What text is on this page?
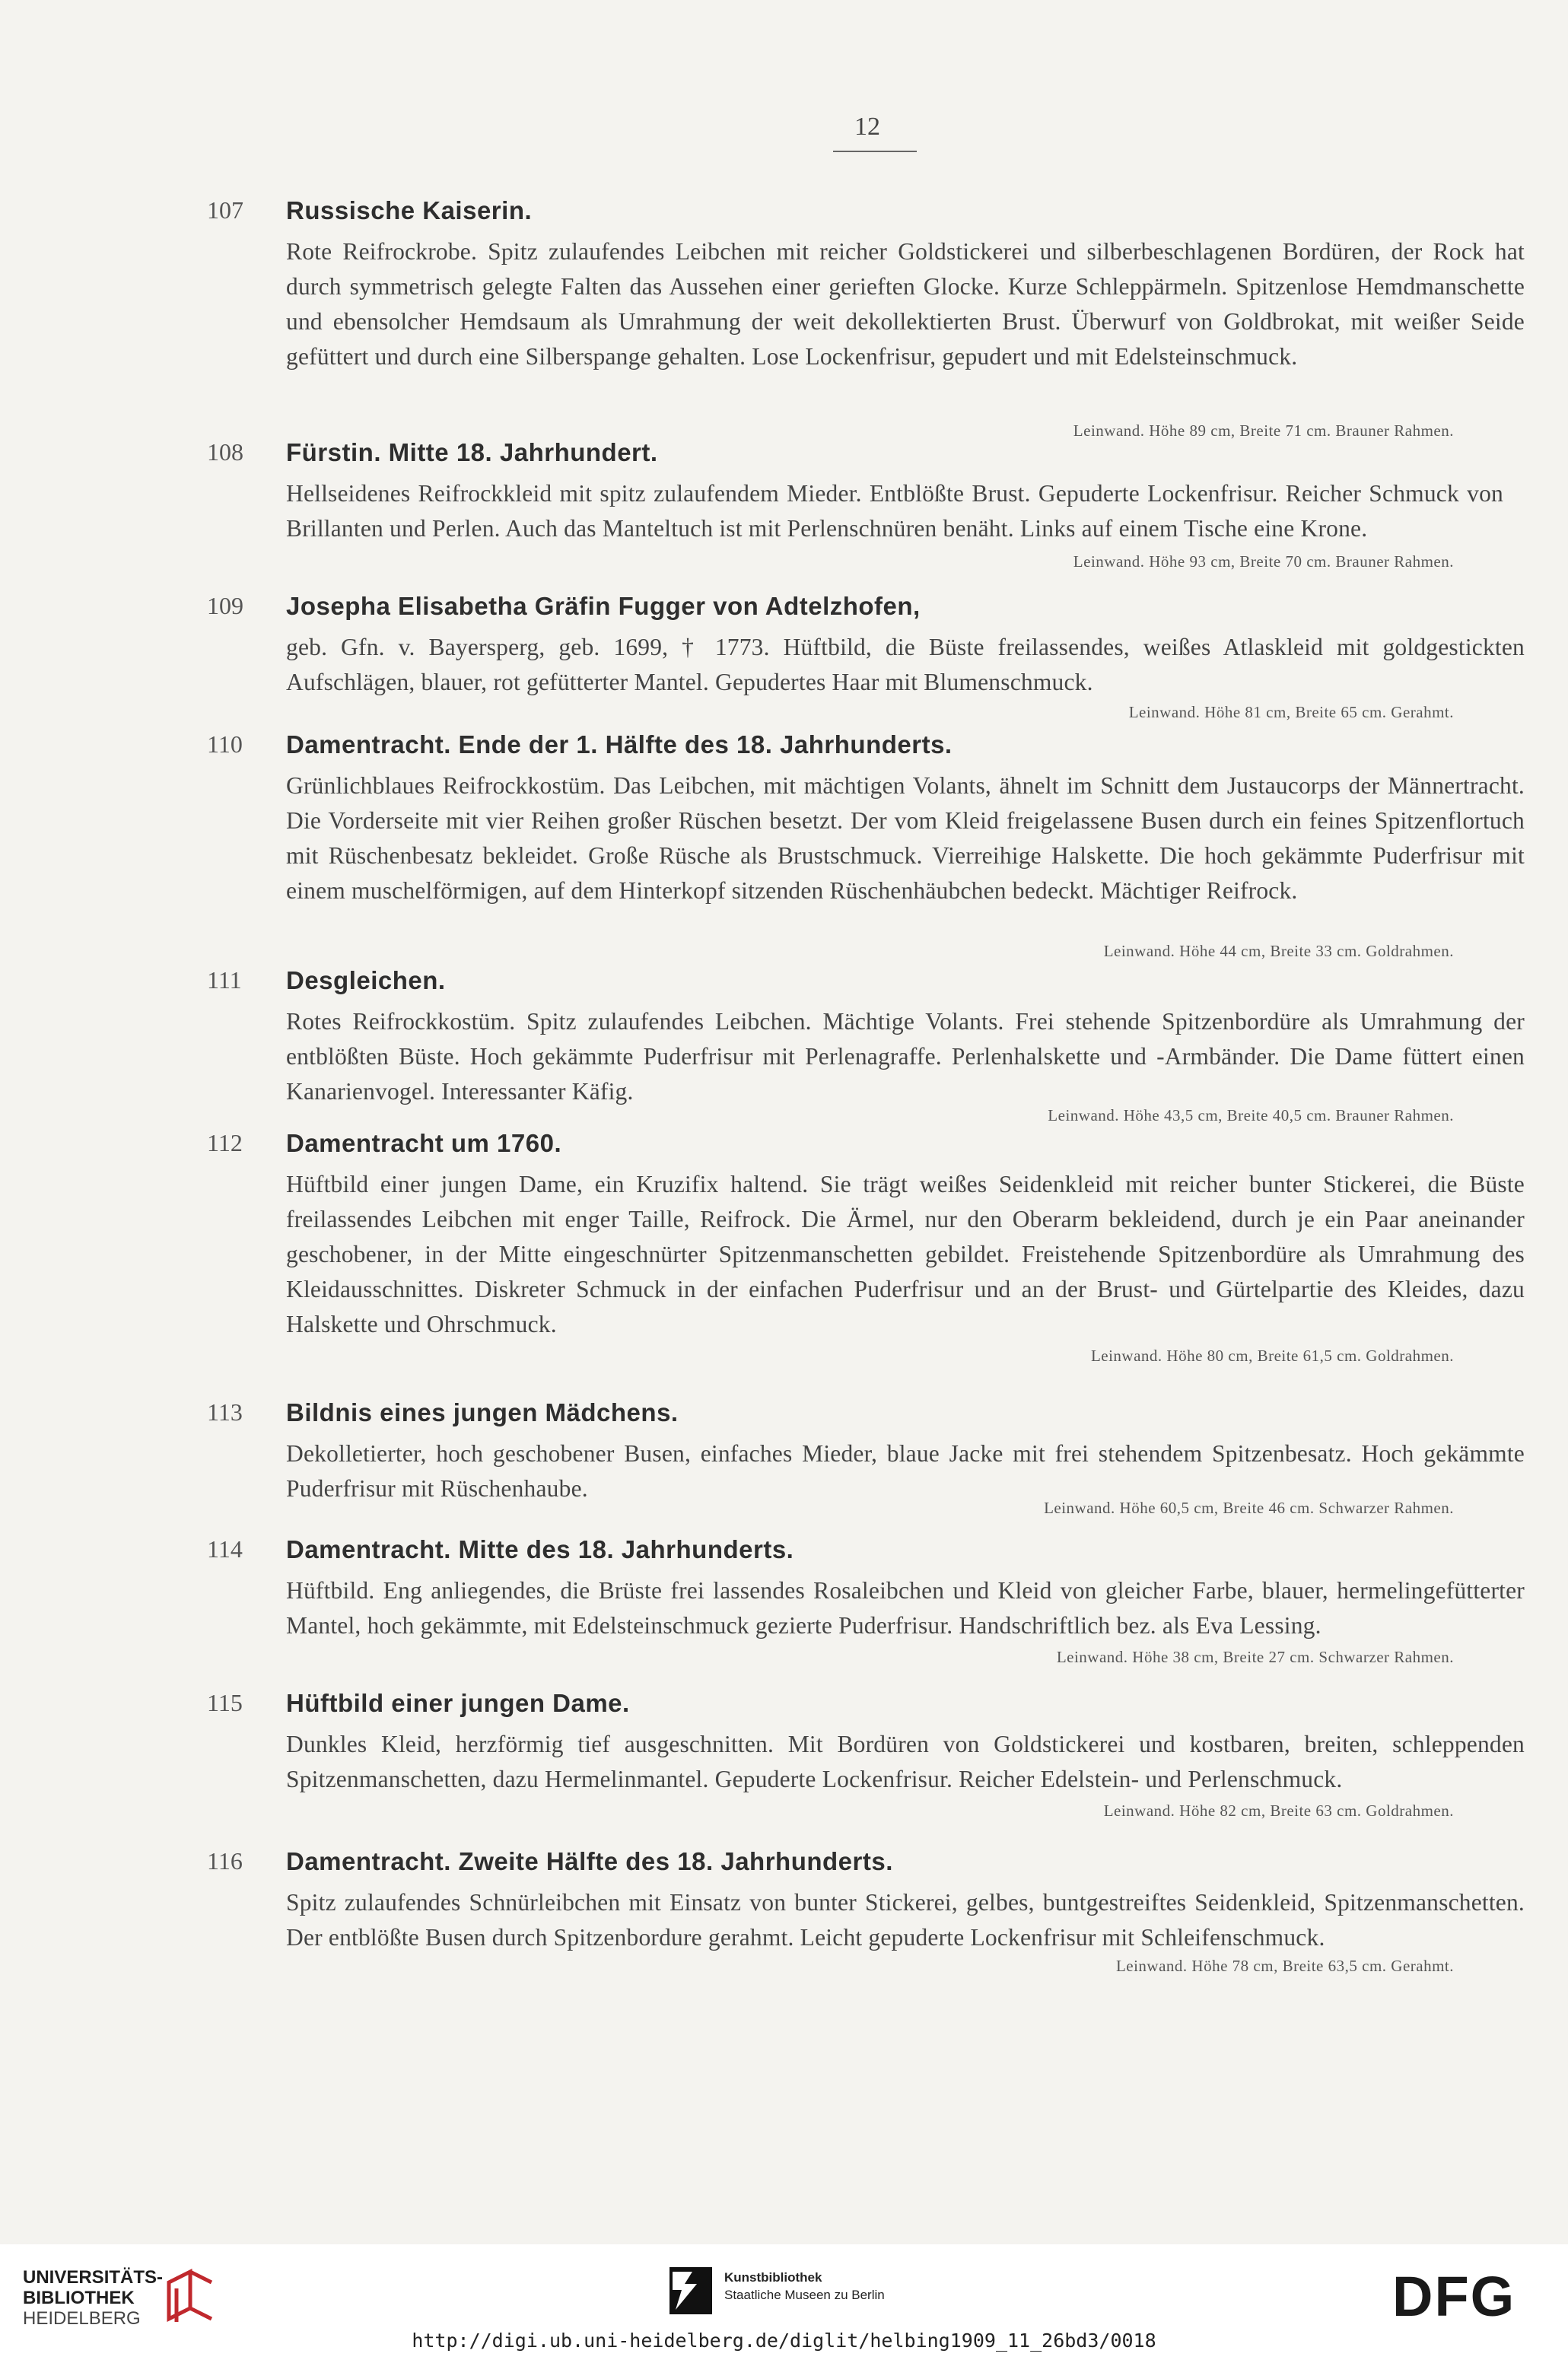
12
107 Russische Kaiserin.
Rote Reifrockrobe. Spitz zulaufendes Leibchen mit reicher Goldstickerei und silberbeschlagenen Bordüren, der Rock hat durch symmetrisch gelegte Falten das Aussehen einer gerieften Glocke. Kurze Schleppärmeln. Spitzenlose Hemdmanschette und ebensolcher Hemdsaum als Umrahmung der weit dekollektierten Brust. Überwurf von Goldbrokat, mit weißer Seide gefüttert und durch eine Silberspange gehalten. Lose Lockenfrisur, gepudert und mit Edelsteinschmuck.
Leinwand. Höhe 89 cm, Breite 71 cm. Brauner Rahmen.
108 Fürstin. Mitte 18. Jahrhundert.
Hellseidenes Reifrockkleid mit spitz zulaufendem Mieder. Entblößte Brust. Gepuderte Lockenfrisur. Reicher Schmuck von Brillanten und Perlen. Auch das Manteltuch ist mit Perlenschnüren benäht. Links auf einem Tische eine Krone.
Leinwand. Höhe 93 cm, Breite 70 cm. Brauner Rahmen.
109 Josepha Elisabetha Gräfin Fugger von Adtelzhofen,
geb. Gfn. v. Bayersperg, geb. 1699, † 1773. Hüftbild, die Büste freilassendes, weißes Atlaskleid mit goldgestickten Aufschlägen, blauer, rot gefütterter Mantel. Gepudertes Haar mit Blumenschmuck.
Leinwand. Höhe 81 cm, Breite 65 cm. Gerahmt.
110 Damentracht. Ende der 1. Hälfte des 18. Jahrhunderts.
Grünlichblaues Reifrockkostüm. Das Leibchen, mit mächtigen Volants, ähnelt im Schnitt dem Justaucorps der Männertracht. Die Vorderseite mit vier Reihen großer Rüschen besetzt. Der vom Kleid freigelassene Busen durch ein feines Spitzenflortuch mit Rüschenbesatz bekleidet. Große Rüsche als Brustschmuck. Vierreihige Halskette. Die hoch gekämmte Puderfrisur mit einem muschelförmigen, auf dem Hinterkopf sitzenden Rüschenhäubchen bedeckt. Mächtiger Reifrock.
Leinwand. Höhe 44 cm, Breite 33 cm. Goldrahmen.
111 Desgleichen.
Rotes Reifrockkostüm. Spitz zulaufendes Leibchen. Mächtige Volants. Frei stehende Spitzenbordüre als Umrahmung der entblößten Büste. Hoch gekämmte Puderfrisur mit Perlenagraffe. Perlenhalskette und -Armbänder. Die Dame füttert einen Kanarienvogel. Interessanter Käfig.
Leinwand. Höhe 43,5 cm, Breite 40,5 cm. Brauner Rahmen.
112 Damentracht um 1760.
Hüftbild einer jungen Dame, ein Kruzifix haltend. Sie trägt weißes Seidenkleid mit reicher bunter Stickerei, die Büste freilassendes Leibchen mit enger Taille, Reifrock. Die Ärmel, nur den Oberarm bekleidend, durch je ein Paar aneinander geschobener, in der Mitte eingeschnürter Spitzenmanschetten gebildet. Freistehende Spitzenbordüre als Umrahmung des Kleidausschnittes. Diskreter Schmuck in der einfachen Puderfrisur und an der Brust- und Gürtelpartie des Kleides, dazu Halskette und Ohrschmuck.
Leinwand. Höhe 80 cm, Breite 61,5 cm. Goldrahmen.
113 Bildnis eines jungen Mädchens.
Dekolletierter, hoch geschobener Busen, einfaches Mieder, blaue Jacke mit frei stehendem Spitzenbesatz. Hoch gekämmte Puderfrisur mit Rüschenhaube.
Leinwand. Höhe 60,5 cm, Breite 46 cm. Schwarzer Rahmen.
114 Damentracht. Mitte des 18. Jahrhunderts.
Hüftbild. Eng anliegendes, die Brüste frei lassendes Rosaleibchen und Kleid von gleicher Farbe, blauer, hermelingefütterter Mantel, hoch gekämmte, mit Edelsteinschmuck gezierte Puderfrisur. Handschriftlich bez. als Eva Lessing.
Leinwand. Höhe 38 cm, Breite 27 cm. Schwarzer Rahmen.
115 Hüftbild einer jungen Dame.
Dunkles Kleid, herzförmig tief ausgeschnitten. Mit Bordüren von Goldstickerei und kostbaren, breiten, schleppenden Spitzenmanschetten, dazu Hermelinmantel. Gepuderte Lockenfrisur. Reicher Edelstein- und Perlenschmuck.
Leinwand. Höhe 82 cm, Breite 63 cm. Goldrahmen.
116 Damentracht. Zweite Hälfte des 18. Jahrhunderts.
Spitz zulaufendes Schnürleibchen mit Einsatz von bunter Stickerei, gelbes, buntgestreiftes Seidenkleid, Spitzenmanschetten. Der entblößte Busen durch Spitzenbordure gerahmt. Leicht gepuderte Lockenfrisur mit Schleifenschmuck.
Leinwand. Höhe 78 cm, Breite 63,5 cm. Gerahmt.
UNIVERSITÄTS-
BIBLIOTHEK
HEIDELBERG
Kunstbibliothek
Staatliche Museen zu Berlin	DFG
http://digi.ub.uni-heidelberg.de/diglit/helbing1909_11_26bd3/0018
